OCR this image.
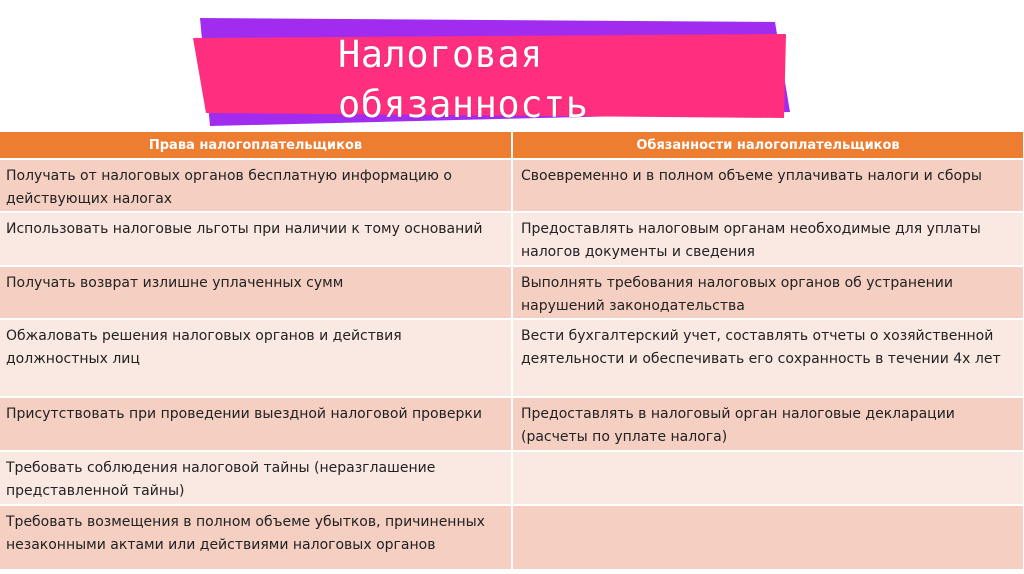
Налоговая обязанность
Права налогоплательщиков	Обязанности налогоплательщиков
Получать от налоговых органов бесплатную информацию о действующих налогах	Своевременно и в полном объеме уплачивать налоги и сборы
Использовать налоговые льготы при наличии к тому оснований	Предоставлять налоговым органам необходимые для уплаты налогов документы и сведения
Получать возврат излишне уплаченных сумм	Выполнять требования налоговых органов об устранении нарушений законодательства
Обжаловать решения налоговых органов и действия должностных лиц	Вести бухгалтерский учет, составлять отчеты о хозяйственной деятельности и обеспечивать его сохранность в течении 4х лет
Присутствовать при проведении выездной налоговой проверки	Предоставлять в налоговый орган налоговые декларации (расчеты по уплате налога)
Требовать соблюдения налоговой тайны (неразглашение представленной тайны)	
Требовать возмещения в полном объеме убытков, причиненных незаконными актами или действиями налоговых органов	
